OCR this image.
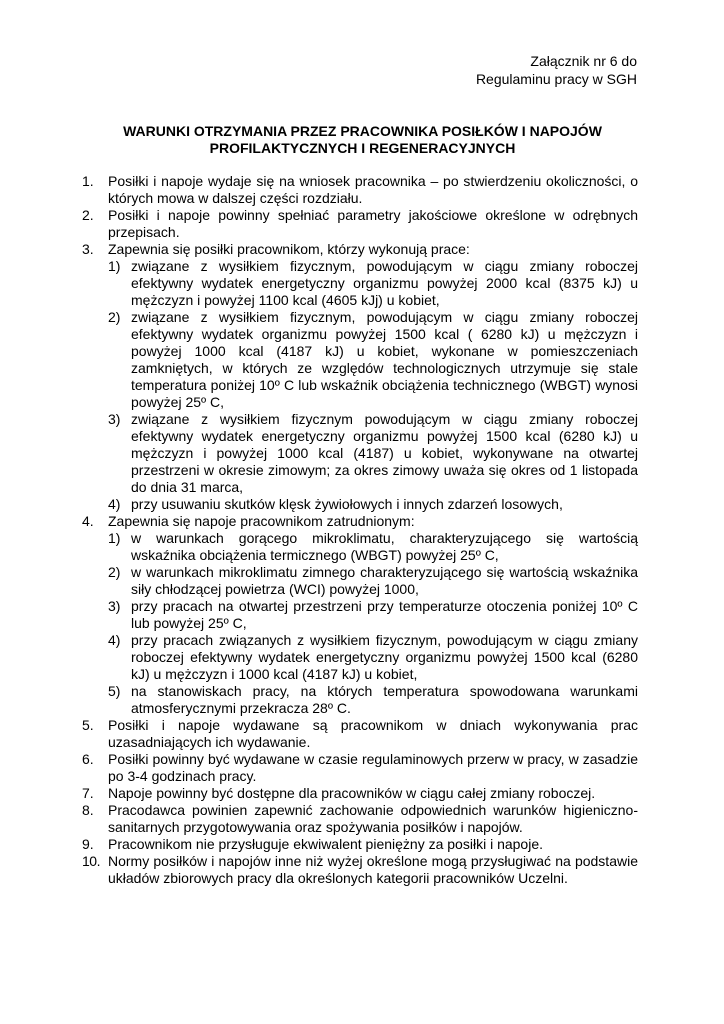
Załącznik nr 6 do
Regulaminu pracy w SGH
WARUNKI OTRZYMANIA PRZEZ PRACOWNIKA POSIŁKÓW I NAPOJÓW
PROFILAKTYCZNYCH I REGENERACYJNYCH
1. Posiłki i napoje wydaje się na wniosek pracownika – po stwierdzeniu okoliczności, o których mowa w dalszej części rozdziału.
2. Posiłki i napoje powinny spełniać parametry jakościowe określone w odrębnych przepisach.
3. Zapewnia się posiłki pracownikom, którzy wykonują prace:
1) związane z wysiłkiem fizycznym, powodującym w ciągu zmiany roboczej efektywny wydatek energetyczny organizmu powyżej 2000 kcal (8375 kJ) u mężczyzn i powyżej 1100 kcal (4605 kJj) u kobiet,
2) związane z wysiłkiem fizycznym, powodującym w ciągu zmiany roboczej efektywny wydatek organizmu powyżej 1500 kcal ( 6280 kJ) u mężczyzn i powyżej 1000 kcal (4187 kJ) u kobiet, wykonane w pomieszczeniach zamkniętych, w których ze względów technologicznych utrzymuje się stale temperatura poniżej 10º C lub wskaźnik obciążenia technicznego (WBGT) wynosi powyżej 25º C,
3) związane z wysiłkiem fizycznym powodującym w ciągu zmiany roboczej efektywny wydatek energetyczny organizmu powyżej 1500 kcal (6280 kJ) u mężczyzn i powyżej 1000 kcal (4187) u kobiet, wykonywane na otwartej przestrzeni w okresie zimowym; za okres zimowy uważa się okres od 1 listopada do dnia 31 marca,
4) przy usuwaniu skutków klęsk żywiołowych i innych zdarzeń losowych,
4. Zapewnia się napoje pracownikom zatrudnionym:
1) w warunkach gorącego mikroklimatu, charakteryzującego się wartością wskaźnika obciążenia termicznego (WBGT) powyżej 25º C,
2) w warunkach mikroklimatu zimnego charakteryzującego się wartością wskaźnika siły chłodzącej powietrza (WCI) powyżej 1000,
3) przy pracach na otwartej przestrzeni przy temperaturze otoczenia poniżej 10º C lub powyżej 25º C,
4) przy pracach związanych z wysiłkiem fizycznym, powodującym w ciągu zmiany roboczej efektywny wydatek energetyczny organizmu powyżej 1500 kcal (6280 kJ) u mężczyzn i 1000 kcal (4187 kJ) u kobiet,
5) na stanowiskach pracy, na których temperatura spowodowana warunkami atmosferycznymi przekracza 28º C.
5. Posiłki i napoje wydawane są pracownikom w dniach wykonywania prac uzasadniających ich wydawanie.
6. Posiłki powinny być wydawane w czasie regulaminowych przerw w pracy, w zasadzie po 3-4 godzinach pracy.
7. Napoje powinny być dostępne dla pracowników w ciągu całej zmiany roboczej.
8. Pracodawca powinien zapewnić zachowanie odpowiednich warunków higieniczno-sanitarnych przygotowywania oraz spożywania posiłków i napojów.
9. Pracownikom nie przysługuje ekwiwalent pieniężny za posiłki i napoje.
10. Normy posiłków i napojów inne niż wyżej określone mogą przysługiwać na podstawie układów zbiorowych pracy dla określonych kategorii pracowników Uczelni.
